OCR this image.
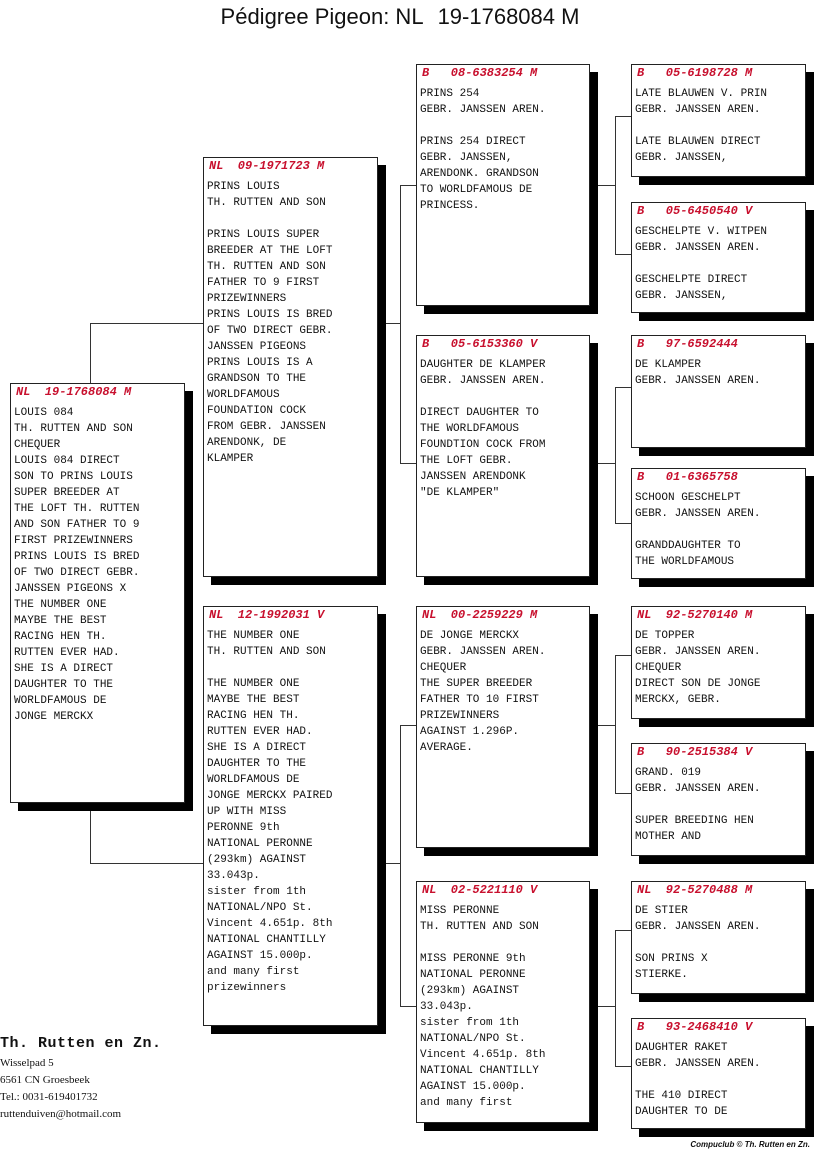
Pédigree Pigeon: NL 19-1768084 M
NL  19-1768084 M
LOUIS 084
TH. RUTTEN AND SON
CHEQUER
LOUIS 084 DIRECT
SON TO PRINS LOUIS
SUPER BREEDER AT
THE LOFT TH. RUTTEN
AND SON FATHER TO 9
FIRST PRIZEWINNERS
PRINS LOUIS IS BRED
OF TWO DIRECT GEBR.
JANSSEN PIGEONS X
THE NUMBER ONE
MAYBE THE BEST
RACING HEN TH.
RUTTEN EVER HAD.
SHE IS A DIRECT
DAUGHTER TO THE
WORLDFAMOUS DE
JONGE MERCKX
NL  09-1971723 M
PRINS LOUIS
TH. RUTTEN AND SON

PRINS LOUIS SUPER
BREEDER AT THE LOFT
TH. RUTTEN AND SON
FATHER TO 9 FIRST
PRIZEWINNERS
PRINS LOUIS IS BRED
OF TWO DIRECT GEBR.
JANSSEN PIGEONS
PRINS LOUIS IS A
GRANDSON TO THE
WORLDFAMOUS
FOUNDATION COCK
FROM GEBR. JANSSEN
ARENDONK, DE
KLAMPER
NL  12-1992031 V
THE NUMBER ONE
TH. RUTTEN AND SON

THE NUMBER ONE
MAYBE THE BEST
RACING HEN TH.
RUTTEN EVER HAD.
SHE IS A DIRECT
DAUGHTER TO THE
WORLDFAMOUS DE
JONGE MERCKX PAIRED
UP WITH MISS
PERONNE 9th
NATIONAL PERONNE
(293km) AGAINST
33.043p.
sister from 1th
NATIONAL/NPO St.
Vincent 4.651p. 8th
NATIONAL CHANTILLY
AGAINST 15.000p.
and many first
prizewinners
B   08-6383254 M
PRINS 254
GEBR. JANSSEN AREN.

PRINS 254 DIRECT
GEBR. JANSSEN,
ARENDONK. GRANDSON
TO WORLDFAMOUS DE
PRINCESS.
B   05-6153360 V
DAUGHTER DE KLAMPER
GEBR. JANSSEN AREN.

DIRECT DAUGHTER TO
THE WORLDFAMOUS
FOUNDTION COCK FROM
THE LOFT GEBR.
JANSSEN ARENDONK
"DE KLAMPER"
NL  00-2259229 M
DE JONGE MERCKX
GEBR. JANSSEN AREN.
CHEQUER
THE SUPER BREEDER
FATHER TO 10 FIRST
PRIZEWINNERS
AGAINST 1.296P.
AVERAGE.
NL  02-5221110 V
MISS PERONNE
TH. RUTTEN AND SON

MISS PERONNE 9th
NATIONAL PERONNE
(293km) AGAINST
33.043p.
sister from 1th
NATIONAL/NPO St.
Vincent 4.651p. 8th
NATIONAL CHANTILLY
AGAINST 15.000p.
and many first
B   05-6198728 M
LATE BLAUWEN V. PRIN
GEBR. JANSSEN AREN.

LATE BLAUWEN DIRECT
GEBR. JANSSEN,
B   05-6450540 V
GESCHELPTE V. WITPEN
GEBR. JANSSEN AREN.

GESCHELPTE DIRECT
GEBR. JANSSEN,
B   97-6592444
DE KLAMPER
GEBR. JANSSEN AREN.
B   01-6365758
SCHOON GESCHELPT
GEBR. JANSSEN AREN.

GRANDDAUGHTER TO
THE WORLDFAMOUS
NL  92-5270140 M
DE TOPPER
GEBR. JANSSEN AREN.
CHEQUER
DIRECT SON DE JONGE
MERCKX, GEBR.
B   90-2515384 V
GRAND. 019
GEBR. JANSSEN AREN.

SUPER BREEDING HEN
MOTHER AND
NL  92-5270488 M
DE STIER
GEBR. JANSSEN AREN.

SON PRINS X
STIERKE.
B   93-2468410 V
DAUGHTER RAKET
GEBR. JANSSEN AREN.

THE 410 DIRECT
DAUGHTER TO DE
Th. Rutten en Zn.
Wisselpad 5
6561 CN Groesbeek
Tel.: 0031-619401732
ruttenduiven@hotmail.com
Compuclub © Th. Rutten en Zn.
